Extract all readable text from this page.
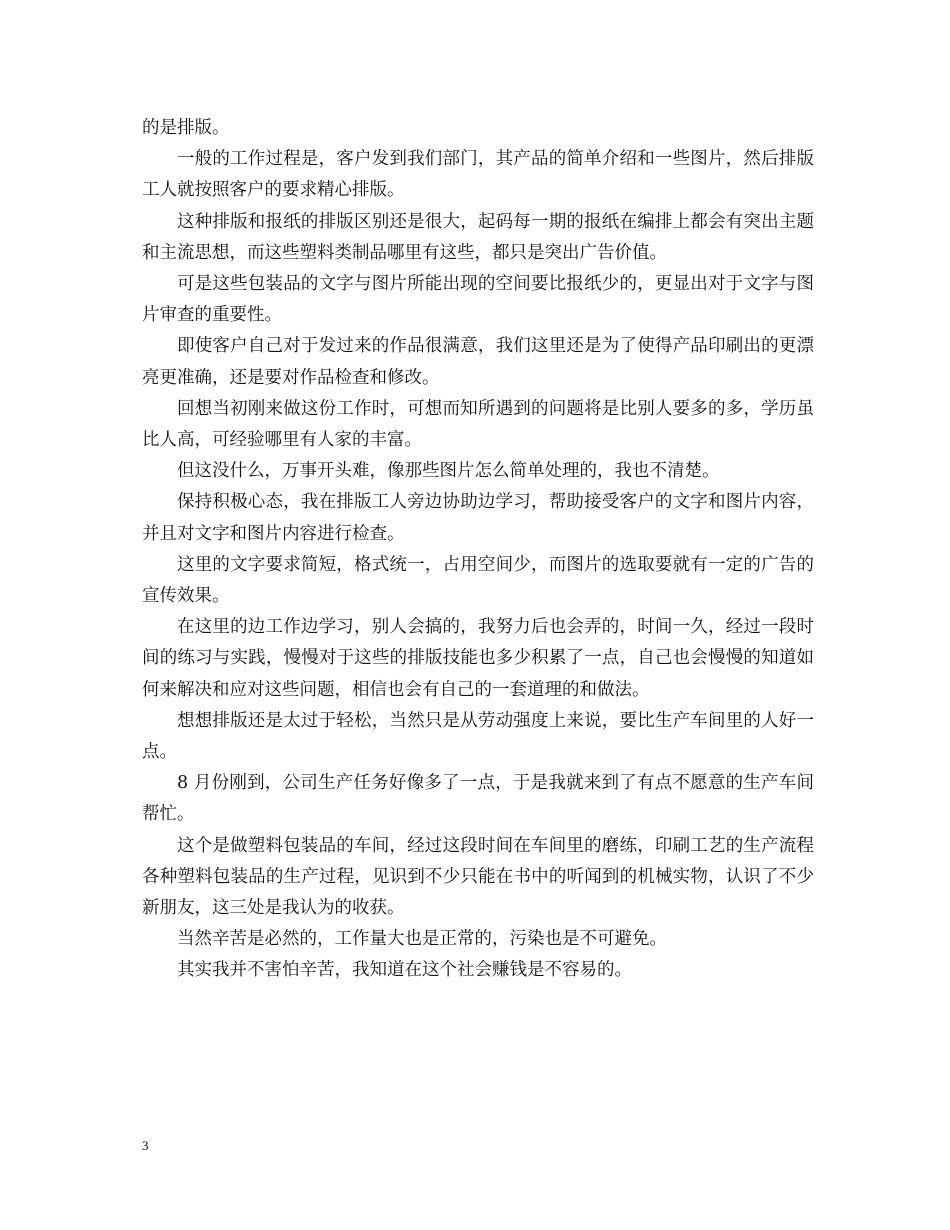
的是排版。

一般的工作过程是，客户发到我们部门，其产品的简单介绍和一些图片，然后排版工人就按照客户的要求精心排版。

这种排版和报纸的排版区别还是很大，起码每一期的报纸在编排上都会有突出主题和主流思想，而这些塑料类制品哪里有这些，都只是突出广告价值。

可是这些包装品的文字与图片所能出现的空间要比报纸少的，更显出对于文字与图片审查的重要性。

即使客户自己对于发过来的作品很满意，我们这里还是为了使得产品印刷出的更漂亮更准确，还是要对作品检查和修改。

回想当初刚来做这份工作时，可想而知所遇到的问题将是比别人要多的多，学历虽比人高，可经验哪里有人家的丰富。

但这没什么，万事开头难，像那些图片怎么简单处理的，我也不清楚。

保持积极心态，我在排版工人旁边协助边学习，帮助接受客户的文字和图片内容，并且对文字和图片内容进行检查。

这里的文字要求简短，格式统一，占用空间少，而图片的选取要就有一定的广告的宣传效果。

在这里的边工作边学习，别人会搞的，我努力后也会弄的，时间一久，经过一段时间的练习与实践，慢慢对于这些的排版技能也多少积累了一点，自己也会慢慢的知道如何来解决和应对这些问题，相信也会有自己的一套道理的和做法。

想想排版还是太过于轻松，当然只是从劳动强度上来说，要比生产车间里的人好一点。

8 月份刚到，公司生产任务好像多了一点，于是我就来到了有点不愿意的生产车间帮忙。

这个是做塑料包装品的车间，经过这段时间在车间里的磨练，印刷工艺的生产流程各种塑料包装品的生产过程，见识到不少只能在书中的听闻到的机械实物，认识了不少新朋友，这三处是我认为的收获。

当然辛苦是必然的，工作量大也是正常的，污染也是不可避免。

其实我并不害怕辛苦，我知道在这个社会赚钱是不容易的。

3
